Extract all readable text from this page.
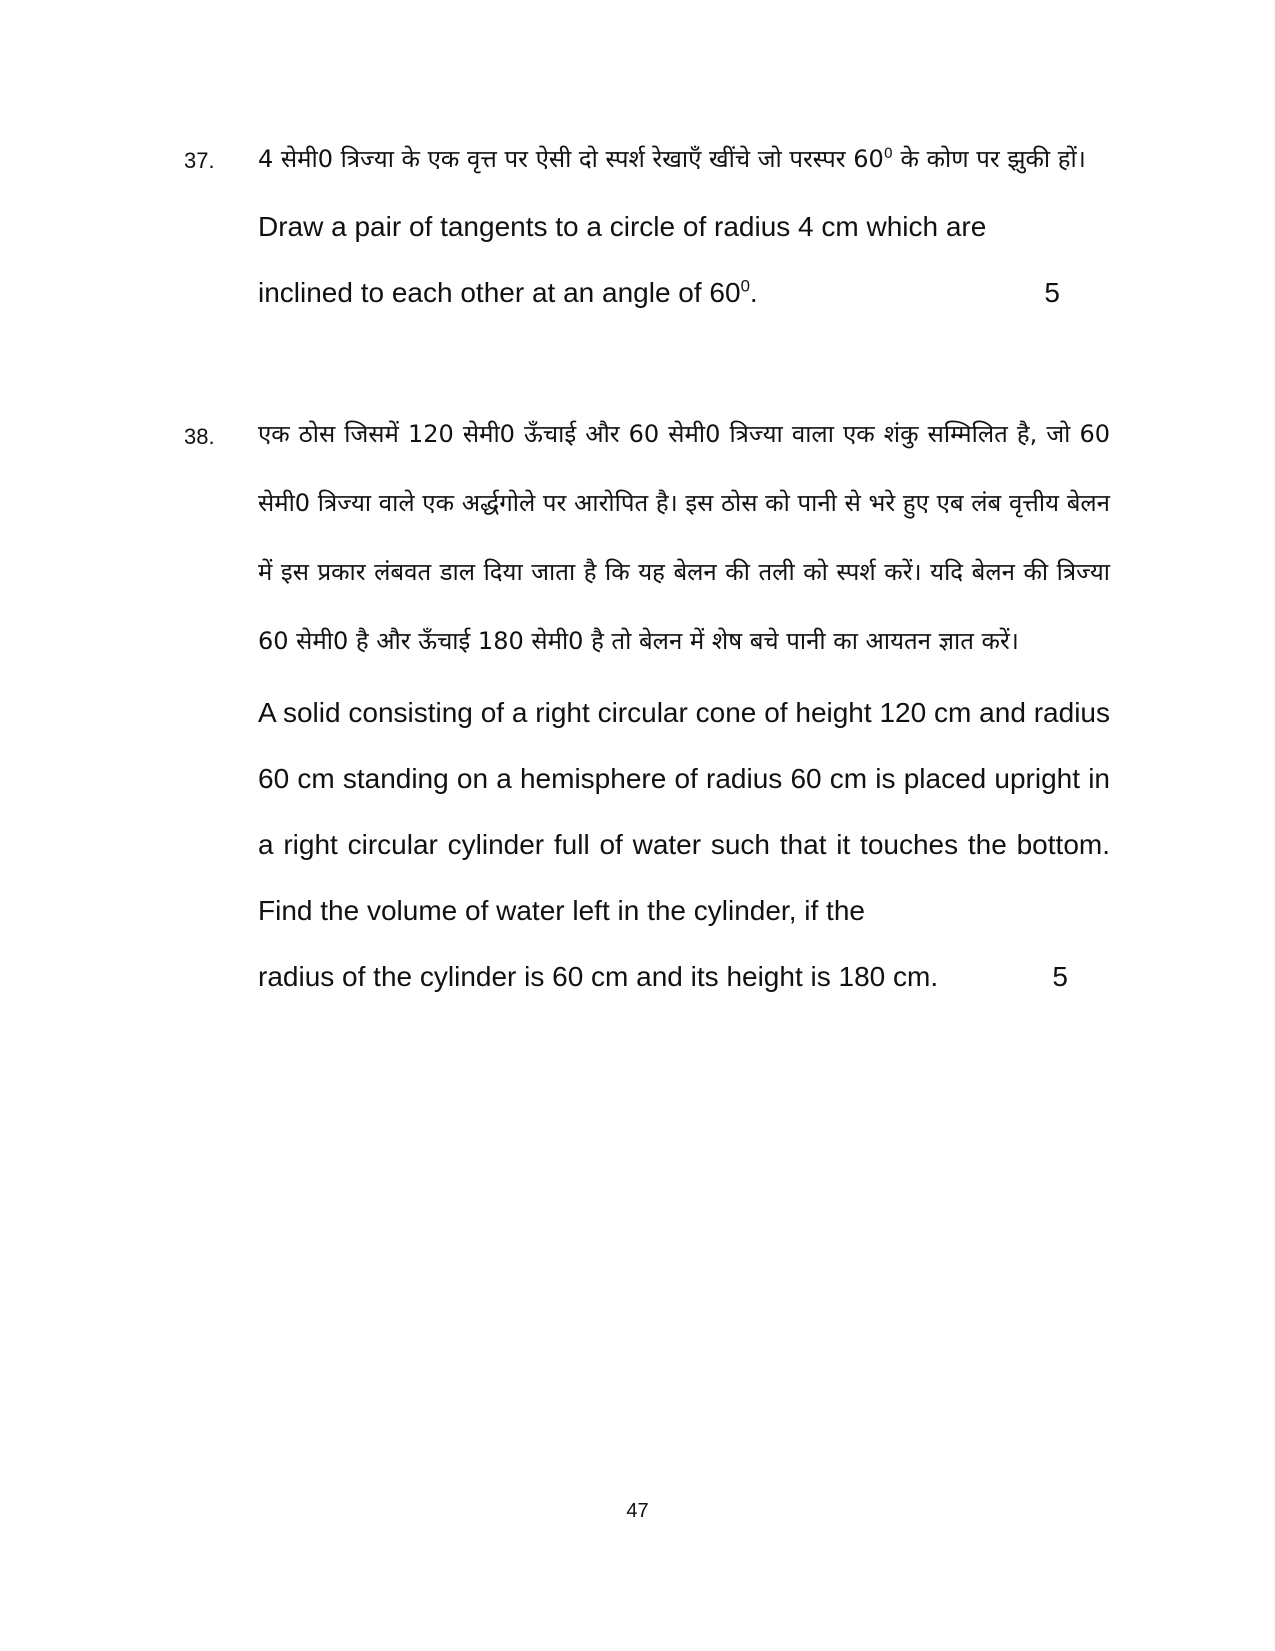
37. 4 सेमी0 त्रिज्या के एक वृत्त पर ऐसी दो स्पर्श रेखाएँ खींचे जो परस्पर $60^0$ के कोण पर झुकी हों।

Draw a pair of tangents to a circle of radius 4 cm which are

inclined to each other at an angle of $60^0$.	5

38. एक ठोस जिसमें 120 सेमी0 ऊँचाई और 60 सेमी0 त्रिज्या वाला एक शंकु सम्मिलित है, जो 60 सेमी0 त्रिज्या वाले एक अर्द्धगोले पर आरोपित है। इस ठोस को पानी से भरे हुए एब लंब वृत्तीय बेलन में इस प्रकार लंबवत डाल दिया जाता है कि यह बेलन की तली को स्पर्श करें। यदि बेलन की त्रिज्या 60 सेमी0 है और ऊँचाई 180 सेमी0 है तो बेलन में शेष बचे पानी का आयतन ज्ञात करें।

A solid consisting of a right circular cone of height 120 cm and radius 60 cm standing on a hemisphere of radius 60 cm is placed upright in a right circular cylinder full of water such that it touches the bottom. Find the volume of water left in the cylinder, if the

radius of the cylinder is 60 cm and its height is 180 cm.	5

47
